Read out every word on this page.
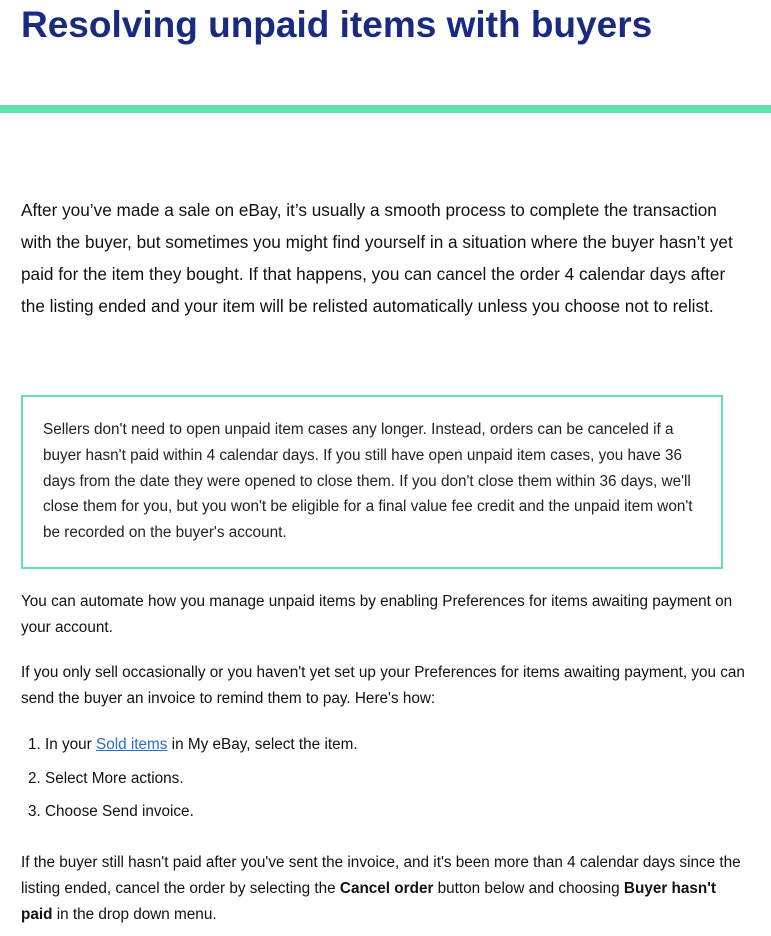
Resolving unpaid items with buyers

After you’ve made a sale on eBay, it’s usually a smooth process to complete the transaction with the buyer, but sometimes you might find yourself in a situation where the buyer hasn’t yet paid for the item they bought. If that happens, you can cancel the order 4 calendar days after the listing ended and your item will be relisted automatically unless you choose not to relist.

Sellers don't need to open unpaid item cases any longer. Instead, orders can be canceled if a buyer hasn't paid within 4 calendar days. If you still have open unpaid item cases, you have 36 days from the date they were opened to close them. If you don't close them within 36 days, we'll close them for you, but you won't be eligible for a final value fee credit and the unpaid item won't be recorded on the buyer's account.

You can automate how you manage unpaid items by enabling Preferences for items awaiting payment on your account.

If you only sell occasionally or you haven't yet set up your Preferences for items awaiting payment, you can send the buyer an invoice to remind them to pay. Here's how:

1. In your Sold items in My eBay, select the item.
2. Select More actions.
3. Choose Send invoice.

If the buyer still hasn't paid after you've sent the invoice, and it's been more than 4 calendar days since the listing ended, cancel the order by selecting the Cancel order button below and choosing Buyer hasn't paid in the drop down menu.
